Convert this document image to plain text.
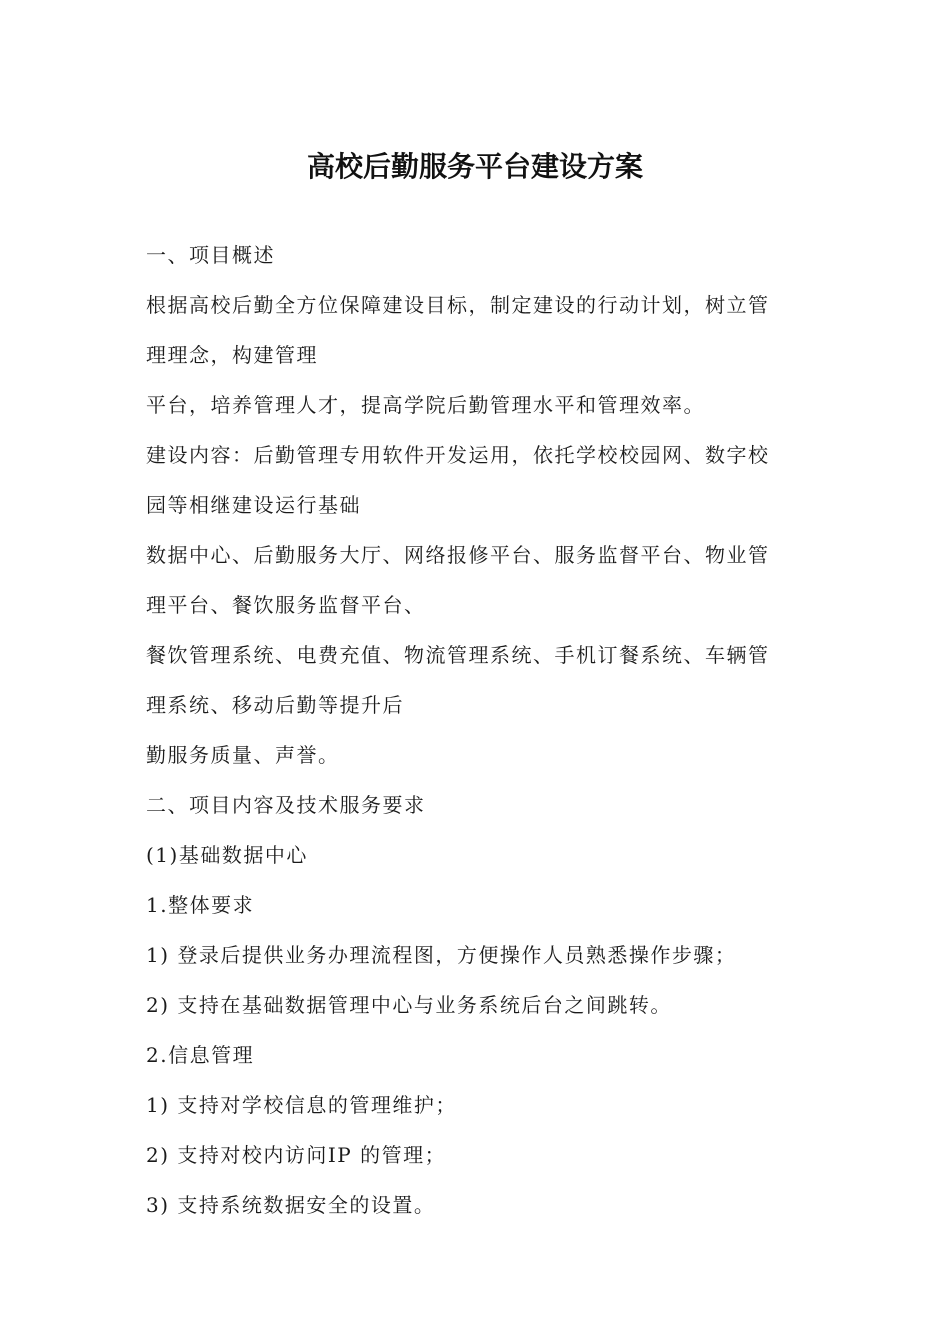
高校后勤服务平台建设方案

一、项目概述

根据高校后勤全方位保障建设目标，制定建设的行动计划，树立管

理理念，构建管理

平台，培养管理人才，提高学院后勤管理水平和管理效率。

建设内容：后勤管理专用软件开发运用，依托学校校园网、数字校

园等相继建设运行基础

数据中心、后勤服务大厅、网络报修平台、服务监督平台、物业管

理平台、餐饮服务监督平台、

餐饮管理系统、电费充值、物流管理系统、手机订餐系统、车辆管

理系统、移动后勤等提升后

勤服务质量、声誉。

二、项目内容及技术服务要求

(1)基础数据中心

1.整体要求

1) 登录后提供业务办理流程图，方便操作人员熟悉操作步骤；

2) 支持在基础数据管理中心与业务系统后台之间跳转。

2.信息管理

1) 支持对学校信息的管理维护；

2) 支持对校内访问IP 的管理；

3) 支持系统数据安全的设置。
